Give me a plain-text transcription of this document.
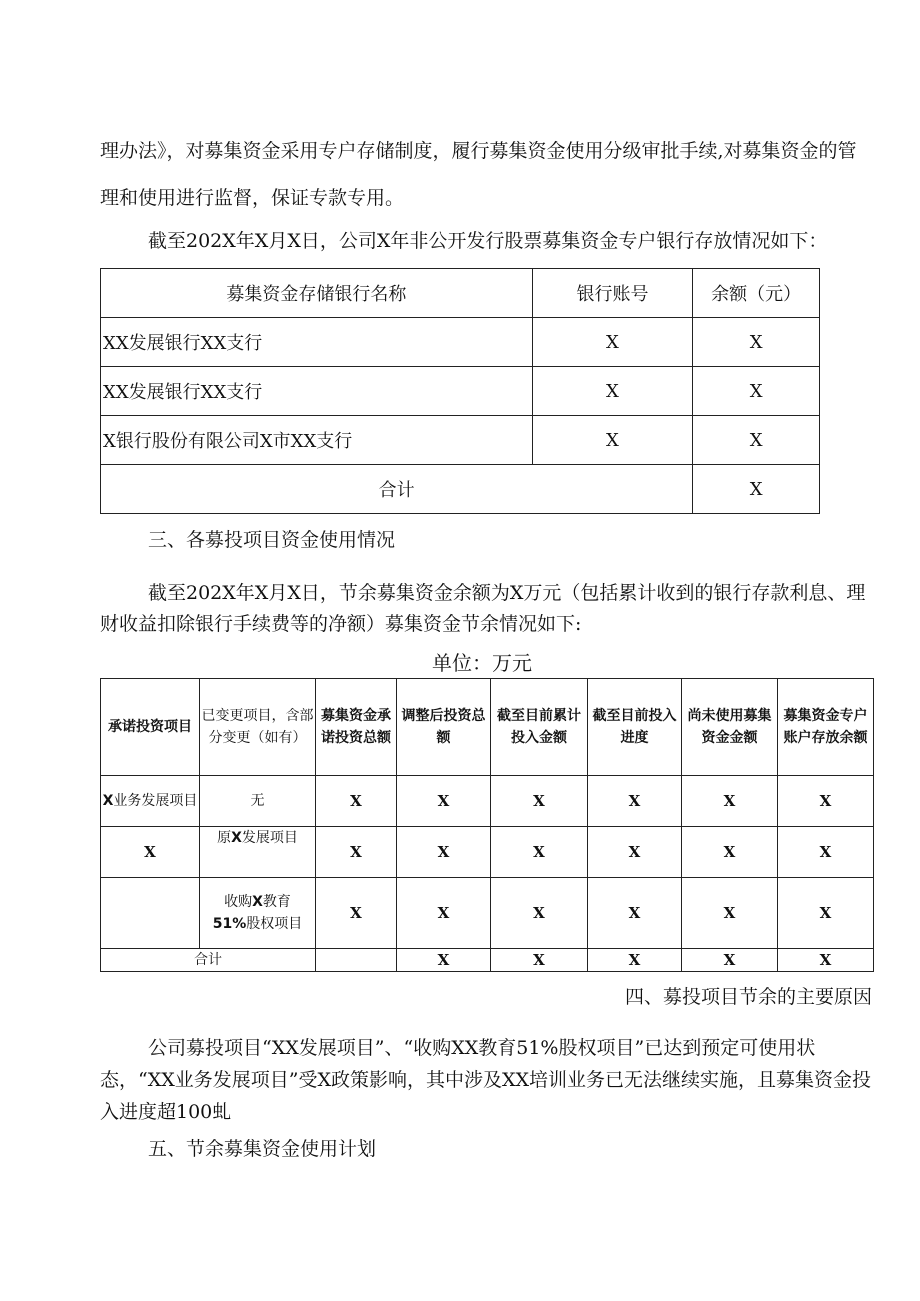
理办法》，对募集资金采用专户存储制度，履行募集资金使用分级审批手续,对募集资金的管理和使用进行监督，保证专款专用。

截至202X年X月X日，公司X年非公开发行股票募集资金专户银行存放情况如下：

募集资金存储银行名称	银行账号	余额（元）
XX发展银行XX支行	X	X
XX发展银行XX支行	X	X
X银行股份有限公司X市XX支行	X	X
合计		X

三、各募投项目资金使用情况

截至202X年X月X日，节余募集资金余额为X万元（包括累计收到的银行存款利息、理财收益扣除银行手续费等的净额）募集资金节余情况如下:

单位：万元

承诺投资项目	已变更项目，含部分变更（如有）	募集资金承诺投资总额	调整后投资总额	截至目前累计投入金额	截至目前投入进度	尚未使用募集资金金额	募集资金专户账户存放余额
X业务发展项目	无	X	X	X	X	X	X
X	原X发展项目	X	X	X	X	X	X
	收购X教育
51%股权项目	X	X	X	X	X	X
合计			X	X	X	X	X

四、募投项目节余的主要原因

公司募投项目“XX发展项目”、“收购XX教育51%股权项目”已达到预定可使用状态，“XX业务发展项目”受X政策影响，其中涉及XX培训业务已无法继续实施，且募集资金投入进度超100虬

五、节余募集资金使用计划
